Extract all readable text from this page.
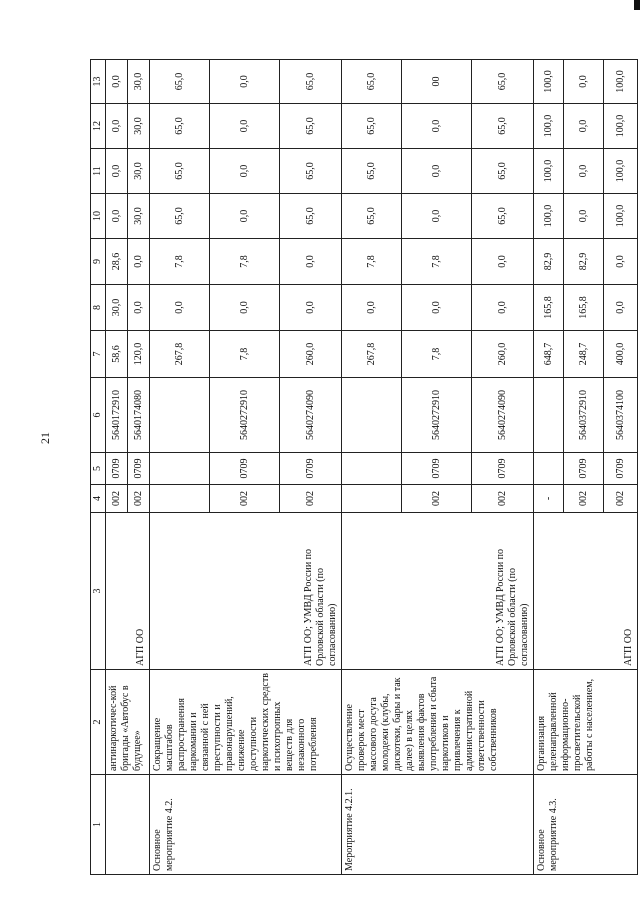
21
1	2	3	4	5	6	7	8	9	10	11	12	13
	антинаркотичес-кой бригады «Автобус в будущее»	АГП ОО	002	0709	5640172910	58,6	30,0	28,6	0,0	0,0	0,0	0,0
			002	0709	5640174080	120,0	0,0	0,0	30,0	30,0	30,0	30,0
Основное мероприятие 4.2.	Сокращение масштабов распространения наркомании и связанной с ней преступности и правонарушений, снижение доступности наркотических средств и психотропных веществ для незаконного потребления	АГП ОО; УМВД России по Орловской области (по согласованию)				267,8	0,0	7,8	65,0	65,0	65,0	65,0
			002	0709	5640272910	7,8	0,0	7,8	0,0	0,0	0,0	0,0
			002	0709	5640274090	260,0	0,0	0,0	65,0	65,0	65,0	65,0
Мероприятие 4.2.1.	Осуществление проверок мест массового досуга молодежи (клубы, дискотеки, бары и так далее) в целях выявления фактов употребления и сбыта наркотиков и привлечения к административной ответственности собственников	АГП ОО; УМВД России по Орловской области (по согласованию)				267,8	0,0	7,8	65,0	65,0	65,0	65,0
			002	0709	5640272910	7,8	0,0	7,8	0,0	0,0	0,0	00
			002	0709	5640274090	260,0	0,0	0,0	65,0	65,0	65,0	65,0
Основное мероприятие 4.3.	Организация целенаправленной информационно-просветительской работы с населением,	АГП ОО	-			648,7	165,8	82,9	100,0	100,0	100,0	100,0
			002	0709	5640372910	248,7	165,8	82,9	0,0	0,0	0,0	0,0
			002	0709	5640374100	400,0	0,0	0,0	100,0	100,0	100,0	100,0
